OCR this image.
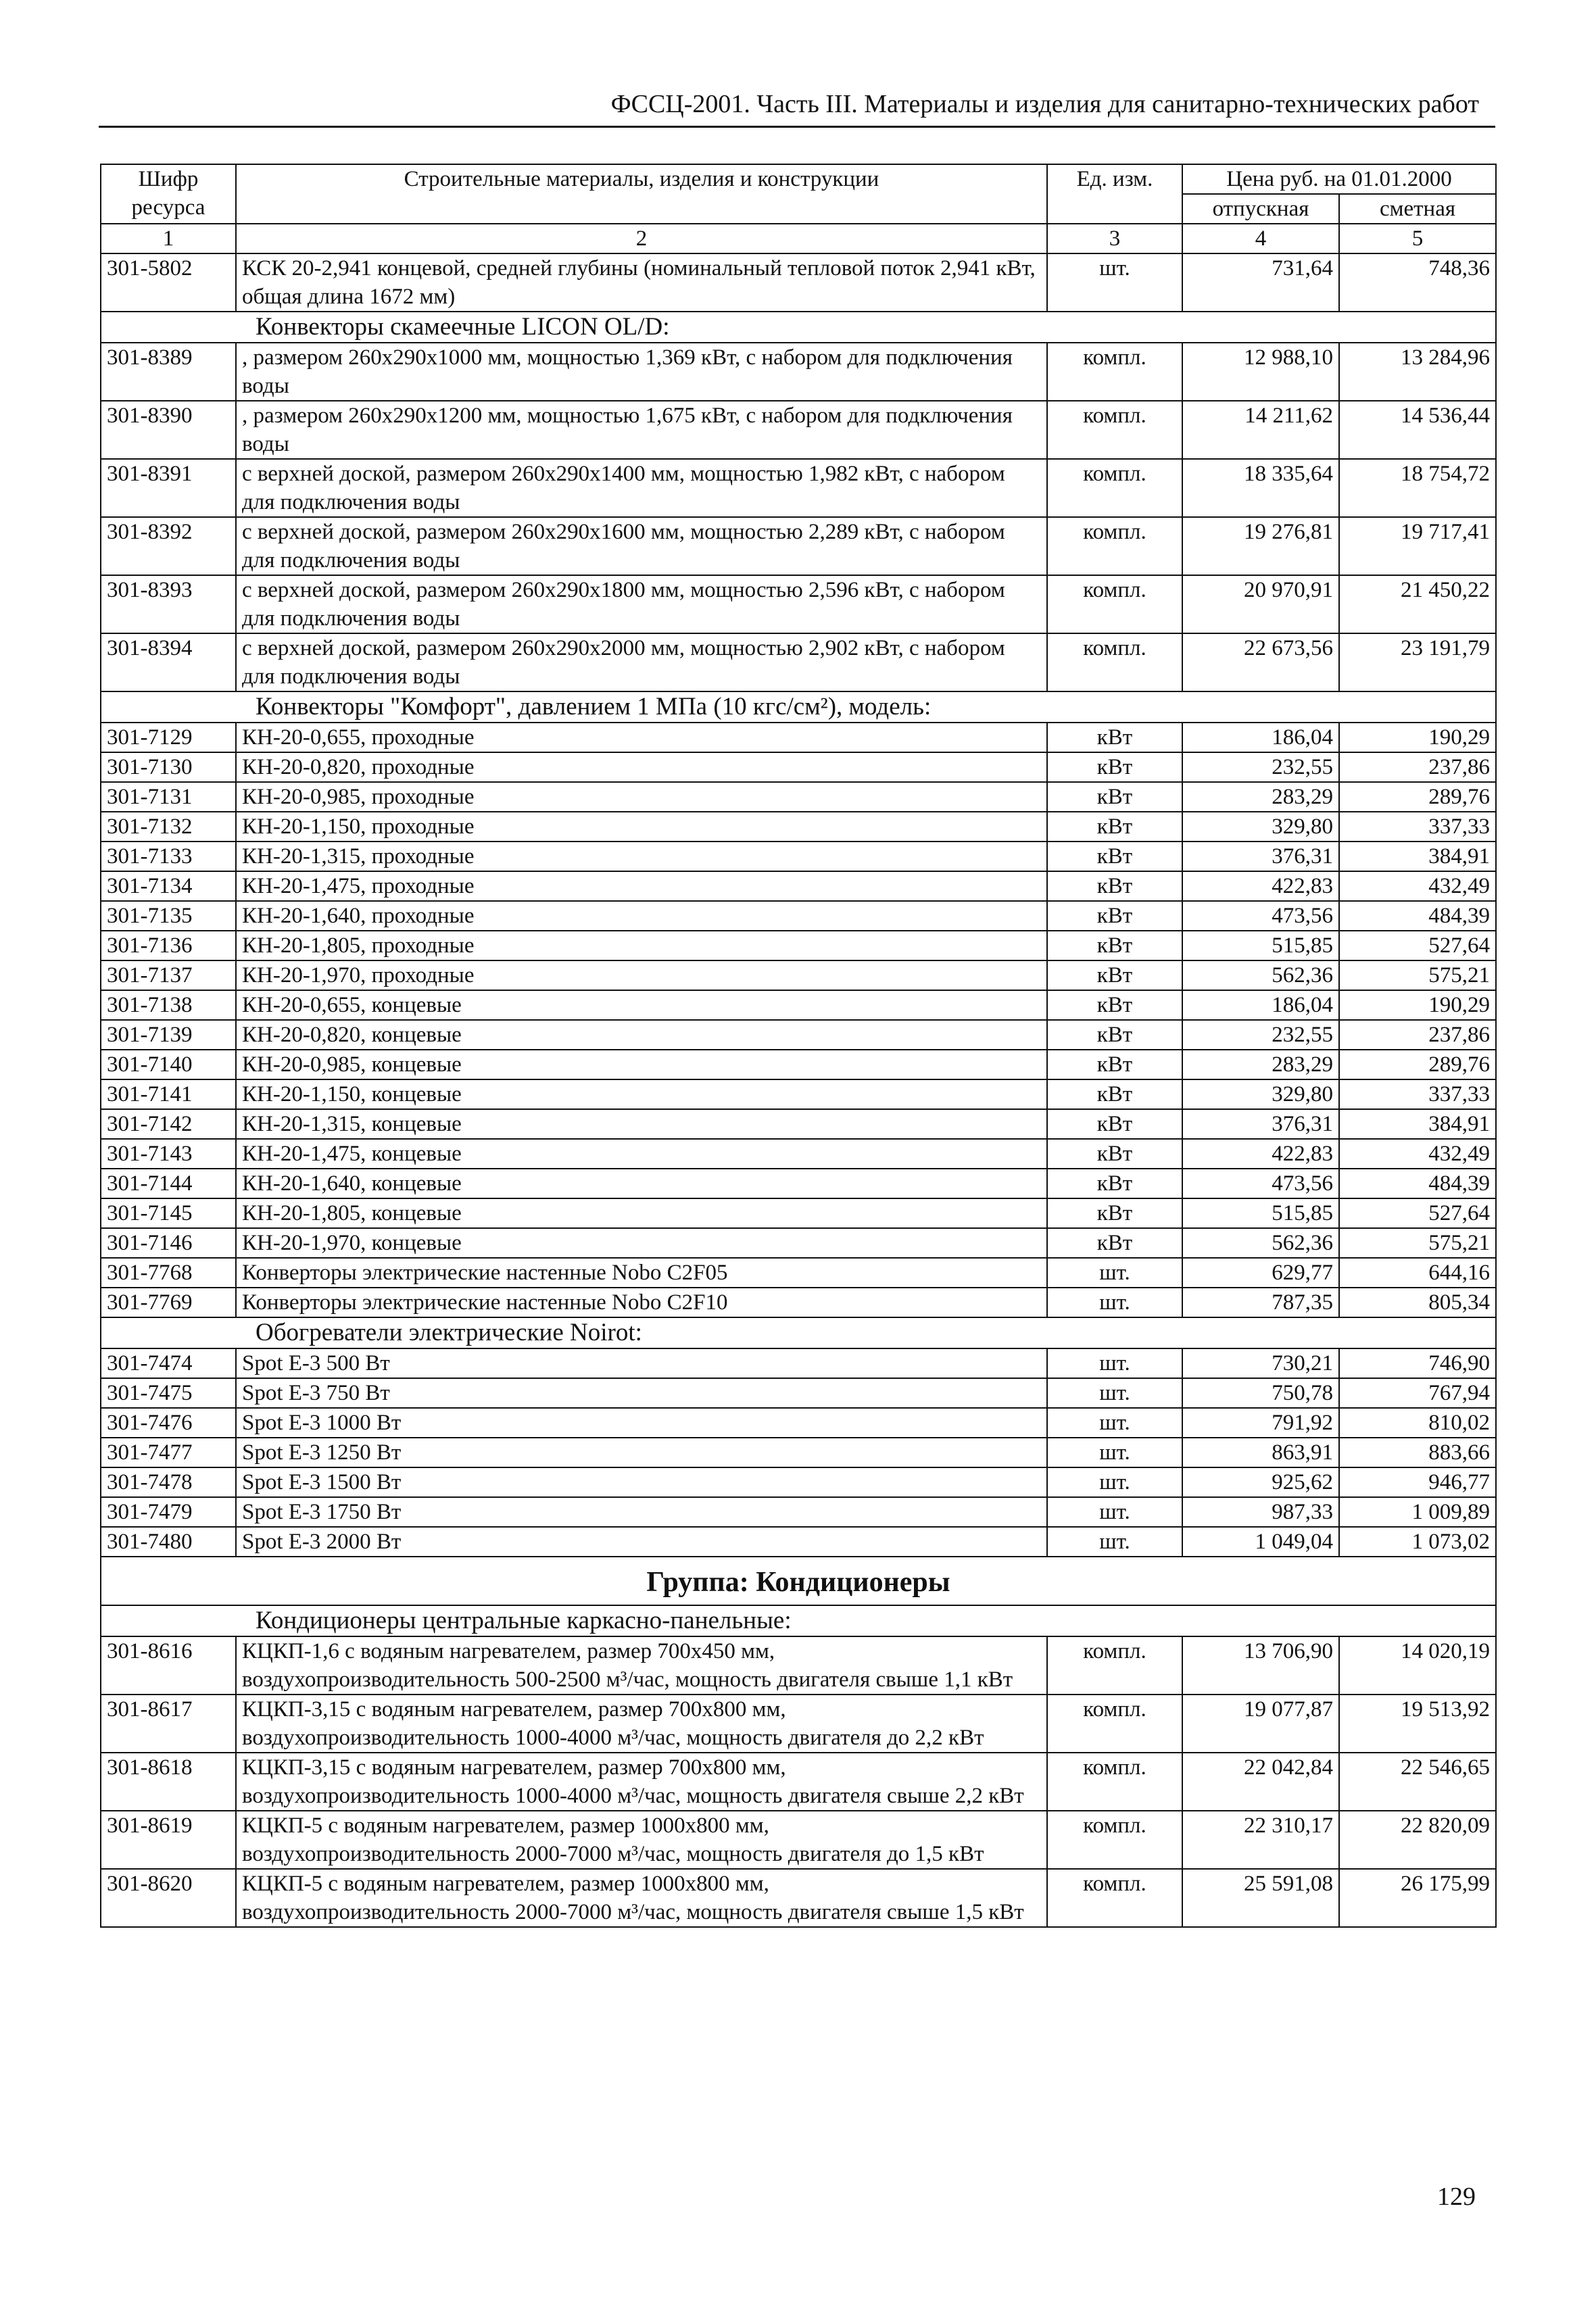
ФССЦ-2001. Часть III. Материалы и изделия для санитарно-технических работ
Шифр ресурса	Строительные материалы, изделия и конструкции	Ед. изм.	Цена руб. на 01.01.2000	
			отпускная	сметная
1	2	3	4	5
301-5802	КСК 20-2,941 концевой, средней глубины (номинальный тепловой поток 2,941 кВт, общая длина 1672 мм)	шт.	731,64	748,36
Конвекторы скамеечные LICON OL/D:				
301-8389	, размером 260x290x1000 мм, мощностью 1,369 кВт, с набором для подключения воды	компл.	12 988,10	13 284,96
301-8390	, размером 260x290x1200 мм, мощностью 1,675 кВт, с набором для подключения воды	компл.	14 211,62	14 536,44
301-8391	с верхней доской, размером 260x290x1400 мм, мощностью 1,982 кВт, с набором для подключения воды	компл.	18 335,64	18 754,72
301-8392	с верхней доской, размером 260x290x1600 мм, мощностью 2,289 кВт, с набором для подключения воды	компл.	19 276,81	19 717,41
301-8393	с верхней доской, размером 260x290x1800 мм, мощностью 2,596 кВт, с набором для подключения воды	компл.	20 970,91	21 450,22
301-8394	с верхней доской, размером 260x290x2000 мм, мощностью 2,902 кВт, с набором для подключения воды	компл.	22 673,56	23 191,79
Конвекторы "Комфорт", давлением 1 МПа (10 кгс/см²), модель:				
301-7129	КН-20-0,655, проходные	кВт	186,04	190,29
301-7130	КН-20-0,820, проходные	кВт	232,55	237,86
301-7131	КН-20-0,985, проходные	кВт	283,29	289,76
301-7132	КН-20-1,150, проходные	кВт	329,80	337,33
301-7133	КН-20-1,315, проходные	кВт	376,31	384,91
301-7134	КН-20-1,475, проходные	кВт	422,83	432,49
301-7135	КН-20-1,640, проходные	кВт	473,56	484,39
301-7136	КН-20-1,805, проходные	кВт	515,85	527,64
301-7137	КН-20-1,970, проходные	кВт	562,36	575,21
301-7138	КН-20-0,655, концевые	кВт	186,04	190,29
301-7139	КН-20-0,820, концевые	кВт	232,55	237,86
301-7140	КН-20-0,985, концевые	кВт	283,29	289,76
301-7141	КН-20-1,150, концевые	кВт	329,80	337,33
301-7142	КН-20-1,315, концевые	кВт	376,31	384,91
301-7143	КН-20-1,475, концевые	кВт	422,83	432,49
301-7144	КН-20-1,640, концевые	кВт	473,56	484,39
301-7145	КН-20-1,805, концевые	кВт	515,85	527,64
301-7146	КН-20-1,970, концевые	кВт	562,36	575,21
301-7768	Конверторы электрические настенные Nobo C2F05	шт.	629,77	644,16
301-7769	Конверторы электрические настенные Nobo C2F10	шт.	787,35	805,34
Обогреватели электрические Noirot:				
301-7474	Spot E-3 500 Вт	шт.	730,21	746,90
301-7475	Spot E-3 750 Вт	шт.	750,78	767,94
301-7476	Spot E-3 1000 Вт	шт.	791,92	810,02
301-7477	Spot E-3 1250 Вт	шт.	863,91	883,66
301-7478	Spot E-3 1500 Вт	шт.	925,62	946,77
301-7479	Spot E-3 1750 Вт	шт.	987,33	1 009,89
301-7480	Spot E-3 2000 Вт	шт.	1 049,04	1 073,02
Группа: Кондиционеры				
Кондиционеры центральные каркасно-панельные:				
301-8616	КЦКП-1,6 с водяным нагревателем, размер 700x450 мм, воздухопроизводительность 500-2500 м³/час, мощность двигателя свыше 1,1 кВт	компл.	13 706,90	14 020,19
301-8617	КЦКП-3,15 с водяным нагревателем, размер 700x800 мм, воздухопроизводительность 1000-4000 м³/час, мощность двигателя до 2,2 кВт	компл.	19 077,87	19 513,92
301-8618	КЦКП-3,15 с водяным нагревателем, размер 700x800 мм, воздухопроизводительность 1000-4000 м³/час, мощность двигателя свыше 2,2 кВт	компл.	22 042,84	22 546,65
301-8619	КЦКП-5 с водяным нагревателем, размер 1000x800 мм, воздухопроизводительность 2000-7000 м³/час, мощность двигателя до 1,5 кВт	компл.	22 310,17	22 820,09
301-8620	КЦКП-5 с водяным нагревателем, размер 1000x800 мм, воздухопроизводительность 2000-7000 м³/час, мощность двигателя свыше 1,5 кВт	компл.	25 591,08	26 175,99
129
